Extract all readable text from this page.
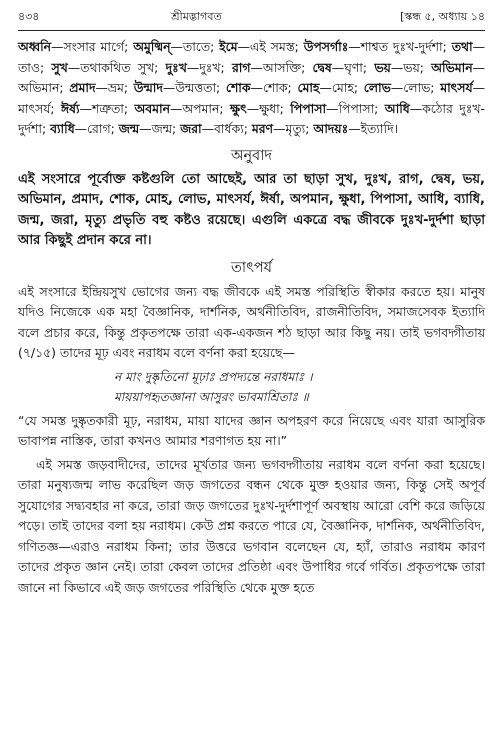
৪৩৪	শ্রীমদ্ভাগবত	[স্কন্ধ ৫, অধ্যায় ১৪
অধ্বনি—সংসার মার্গে; অমুষ্মিন্—তাতে; ইমে—এই সমস্ত; উপসর্গাঃ—শাশ্বত দুঃখ-দুর্দশা; তথা—তাও; সুখ—তথাকথিত সুখ; দুঃখ—দুঃখ; রাগ—আসক্তি; দ্বেষ—ঘৃণা; ভয়—ভয়; অভিমান—অভিমান; প্রমাদ—ভ্রম; উন্মাদ—উন্মত্ততা; শোক—শোক; মোহ—মোহ; লোভ—লোভ; মাৎসর্য—মাৎসর্য; ঈর্ষ্য—শত্রুতা; অবমান—অপমান; ক্ষুৎ—ক্ষুধা; পিপাসা—পিপাসা; আধি—কঠোর দুঃখ-দুর্দশা; ব্যাধি—রোগ; জন্ম—জন্ম; জরা—বার্ধক্য; মরণ—মৃত্যু; আদয়ঃ—ইত্যাদি।
অনুবাদ
এই সংসারে পূর্বোক্ত কষ্টগুলি তো আছেই, আর তা ছাড়া সুখ, দুঃখ, রাগ, দ্বেষ, ভয়, অভিমান, প্রমাদ, শোক, মোহ, লোভ, মাৎসর্য, ঈর্ষা, অপমান, ক্ষুধা, পিপাসা, আধি, ব্যাধি, জন্ম, জরা, মৃত্যু প্রভৃতি বহু কষ্টও রয়েছে। এগুলি একত্রে বদ্ধ জীবকে দুঃখ-দুর্দশা ছাড়া আর কিছুই প্রদান করে না।
তাৎপর্য
এই সংসারে ইন্দ্রিয়সুখ ভোগের জন্য বদ্ধ জীবকে এই সমস্ত পরিস্থিতি স্বীকার করতে হয়। মানুষ যদিও নিজেকে এক মহা বৈজ্ঞানিক, দার্শনিক, অর্থনীতিবিদ, রাজনীতিবিদ, সমাজসেবক ইত্যাদি বলে প্রচার করে, কিন্তু প্রকৃতপক্ষে তারা এক-একজন শঠ ছাড়া আর কিছু নয়। তাই ভগবদ্গীতায় (৭/১৫) তাদের মূঢ় এবং নরাধম বলে বর্ণনা করা হয়েছে—
ন মাং দুষ্কৃতিনো মূঢ়াঃ প্রপদ্যন্তে নরাধমাঃ ।
মায়য়াপহৃতজ্ঞানা আসুরং ভাবমাশ্রিতাঃ ॥
“যে সমস্ত দুষ্কৃতকারী মূঢ়, নরাধম, মায়া যাদের জ্ঞান অপহরণ করে নিয়েছে এবং যারা আসুরিক ভাবাপন্ন নাস্তিক, তারা কখনও আমার শরণাগত হয় না।”
এই সমস্ত জড়বাদীদের, তাদের মূর্খতার জন্য ভগবদ্গীতায় নরাধম বলে বর্ণনা করা হয়েছে। তারা মনুষ্যজন্ম লাভ করেছিল জড় জগতের বন্ধন থেকে মুক্ত হওয়ার জন্য, কিন্তু সেই অপূর্ব সুযোগের সদ্ব্যবহার না করে, তারা জড় জগতের দুঃখ-দুর্দশাপূর্ণ অবস্থায় আরো বেশি করে জড়িয়ে পড়ে। তাই তাদের বলা হয় নরাধম। কেউ প্রশ্ন করতে পারে যে, বৈজ্ঞানিক, দার্শনিক, অর্থনীতিবিদ, গণিতজ্ঞ—এরাও নরাধম কিনা; তার উত্তরে ভগবান বলেছেন যে, হ্যাঁ, তারাও নরাধম কারণ তাদের প্রকৃত জ্ঞান নেই। তারা কেবল তাদের প্রতিষ্ঠা এবং উপাধির গর্বে গর্বিত। প্রকৃতপক্ষে তারা জানে না কিভাবে এই জড় জগতের পরিস্থিতি থেকে মুক্ত হতে
